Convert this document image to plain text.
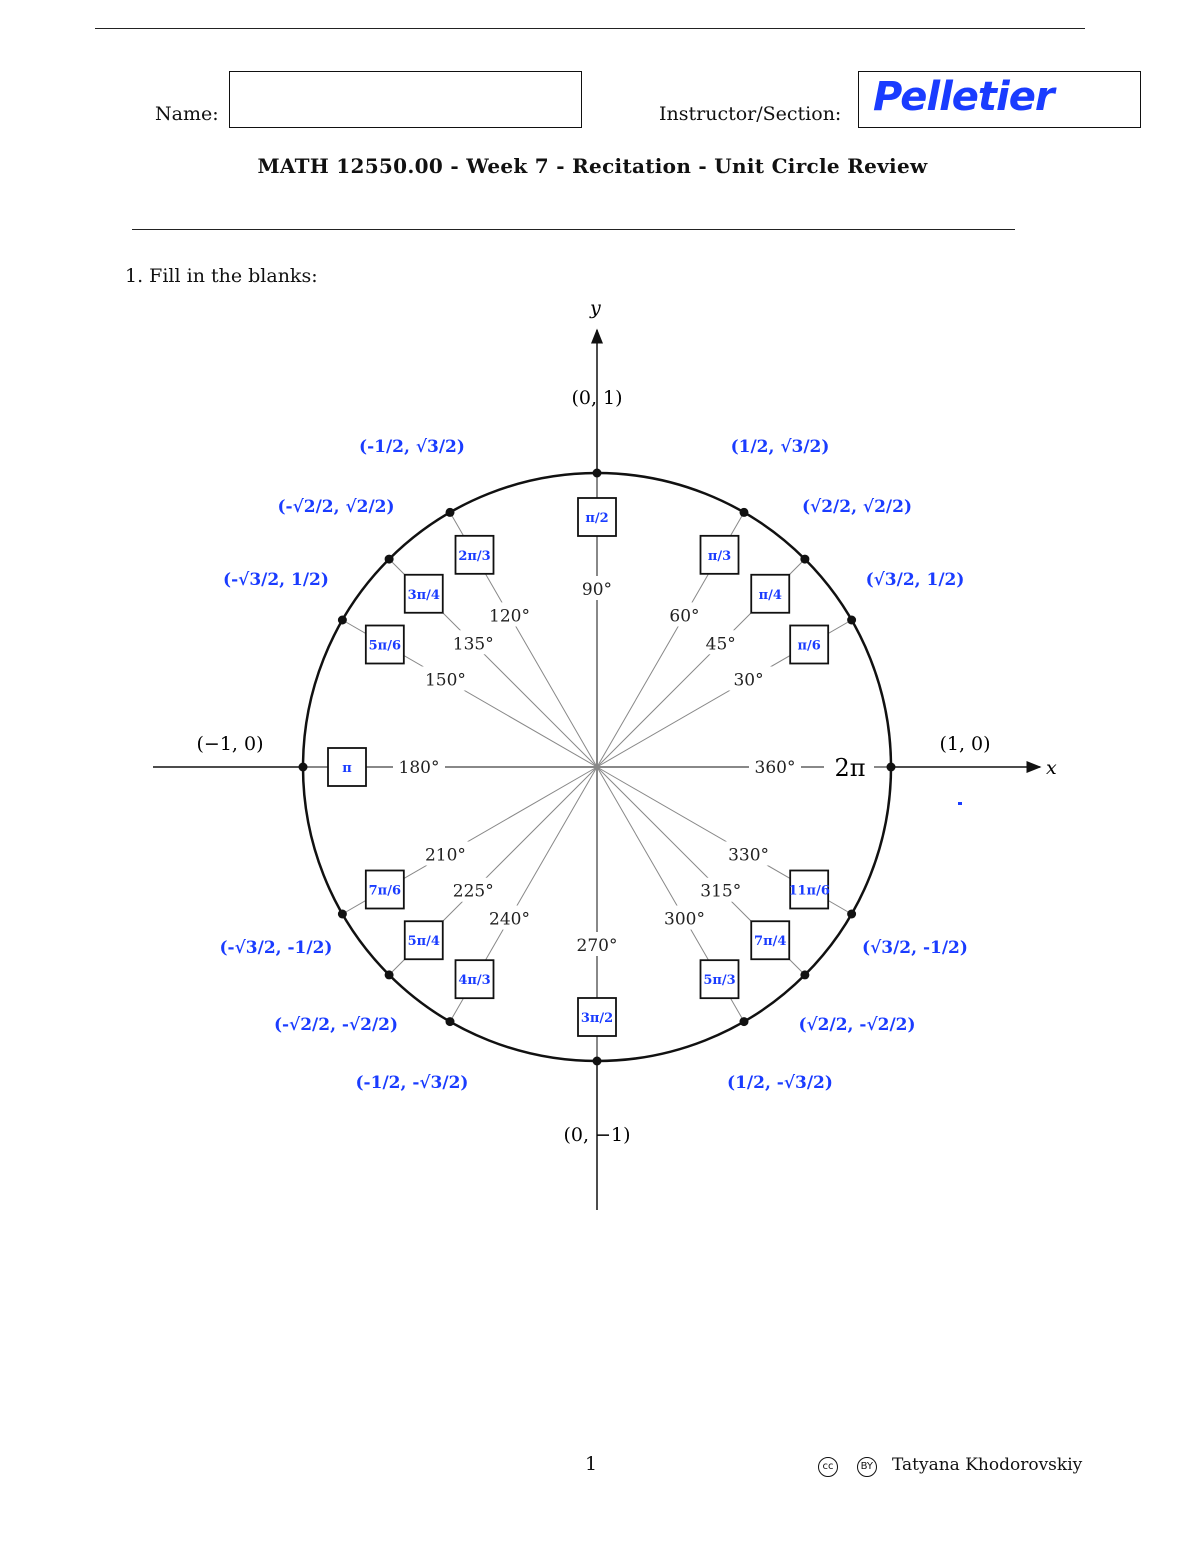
Name:	Instructor/Section: Pelletier
MATH 12550.00 - Week 7 - Recitation - Unit Circle Review
1. Fill in the blanks:
x
y
30°
45°
60°
90°
120°
135°
150°
180°
210°
225°
240°
270°
300°
315°
330°
360° 2π
(0, 1)
(0, −1)
(−1, 0)	(1, 0)
π/6
π/4
π/3
π/2
2π/3
3π/4
5π/6
π
7π/6
5π/4
4π/3
3π/2
5π/3
7π/4
11π/6
(√3/2, 1/2)
(√2/2, √2/2)
(1/2, √3/2)
(-1/2, √3/2)
(-√2/2, √2/2)
(-√3/2, 1/2)
(-√3/2, -1/2)
(-√2/2, -√2/2)
(-1/2, -√3/2)	(1/2, -√3/2)
(√2/2, -√2/2)
(√3/2, -1/2)
1	cc	BY Tatyana Khodorovskiy
